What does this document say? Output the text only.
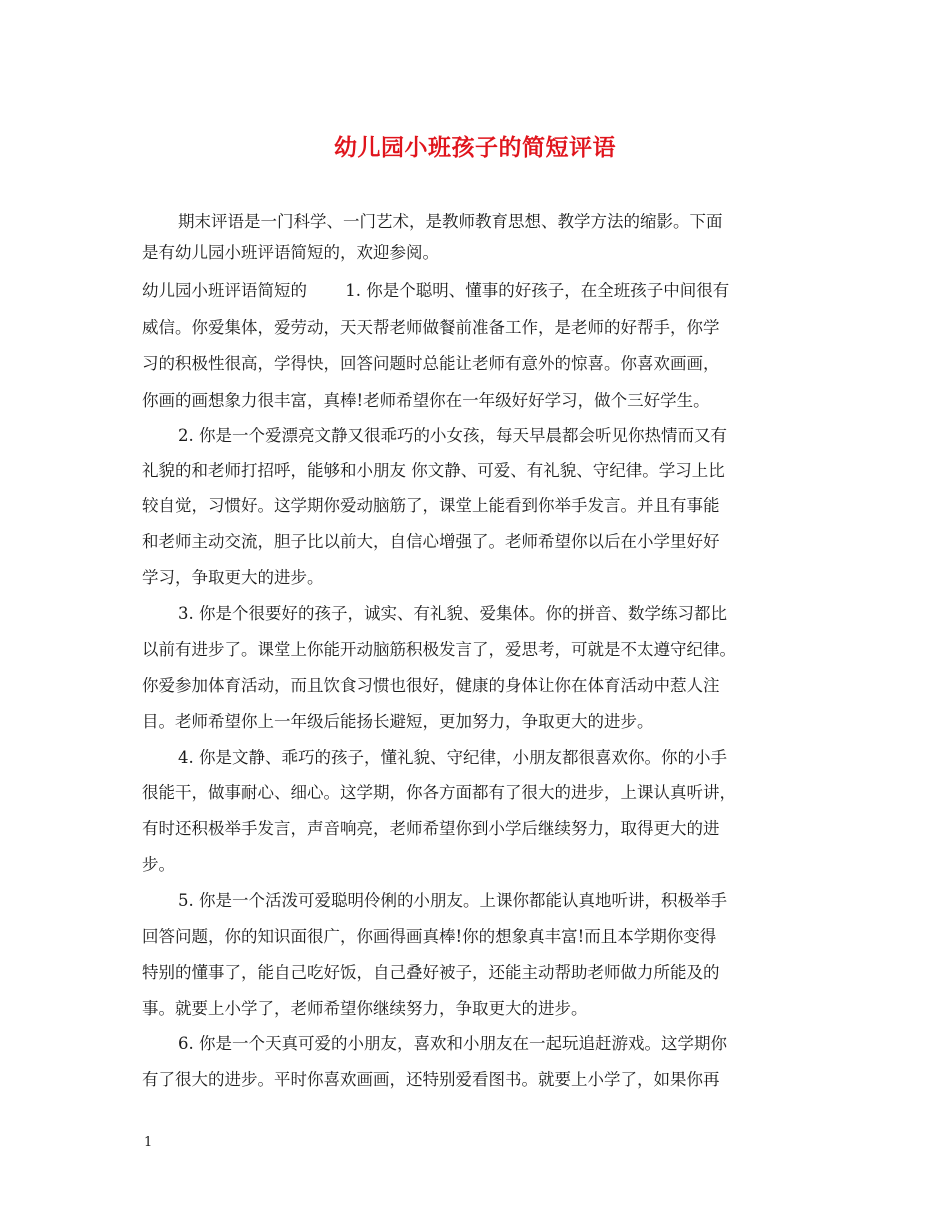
幼儿园小班孩子的简短评语
期末评语是一门科学、一门艺术，是教师教育思想、教学方法的缩影。下面
是有幼儿园小班评语简短的，欢迎参阅。
幼儿园小班评语简短的　　 1. 你是个聪明、懂事的好孩子，在全班孩子中间很有
威信。你爱集体，爱劳动，天天帮老师做餐前准备工作，是老师的好帮手，你学
习的积极性很高，学得快，回答问题时总能让老师有意外的惊喜。你喜欢画画，
你画的画想象力很丰富，真棒!老师希望你在一年级好好学习，做个三好学生。
2. 你是一个爱漂亮文静又很乖巧的小女孩，每天早晨都会听见你热情而又有
礼貌的和老师打招呼，能够和小朋友 你文静、可爱、有礼貌、守纪律。学习上比
较自觉，习惯好。这学期你爱动脑筋了，课堂上能看到你举手发言。并且有事能
和老师主动交流，胆子比以前大，自信心增强了。老师希望你以后在小学里好好
学习，争取更大的进步。
3. 你是个很要好的孩子，诚实、有礼貌、爱集体。你的拼音、数学练习都比
以前有进步了。课堂上你能开动脑筋积极发言了，爱思考，可就是不太遵守纪律。
你爱参加体育活动，而且饮食习惯也很好，健康的身体让你在体育活动中惹人注
目。老师希望你上一年级后能扬长避短，更加努力，争取更大的进步。
4. 你是文静、乖巧的孩子，懂礼貌、守纪律，小朋友都很喜欢你。你的小手
很能干，做事耐心、细心。这学期，你各方面都有了很大的进步，上课认真听讲，
有时还积极举手发言，声音响亮，老师希望你到小学后继续努力，取得更大的进
步。
5. 你是一个活泼可爱聪明伶俐的小朋友。上课你都能认真地听讲，积极举手
回答问题，你的知识面很广，你画得画真棒!你的想象真丰富!而且本学期你变得
特别的懂事了，能自己吃好饭，自己叠好被子，还能主动帮助老师做力所能及的
事。就要上小学了，老师希望你继续努力，争取更大的进步。
6. 你是一个天真可爱的小朋友，喜欢和小朋友在一起玩追赶游戏。这学期你
有了很大的进步。平时你喜欢画画，还特别爱看图书。就要上小学了，如果你再
1
